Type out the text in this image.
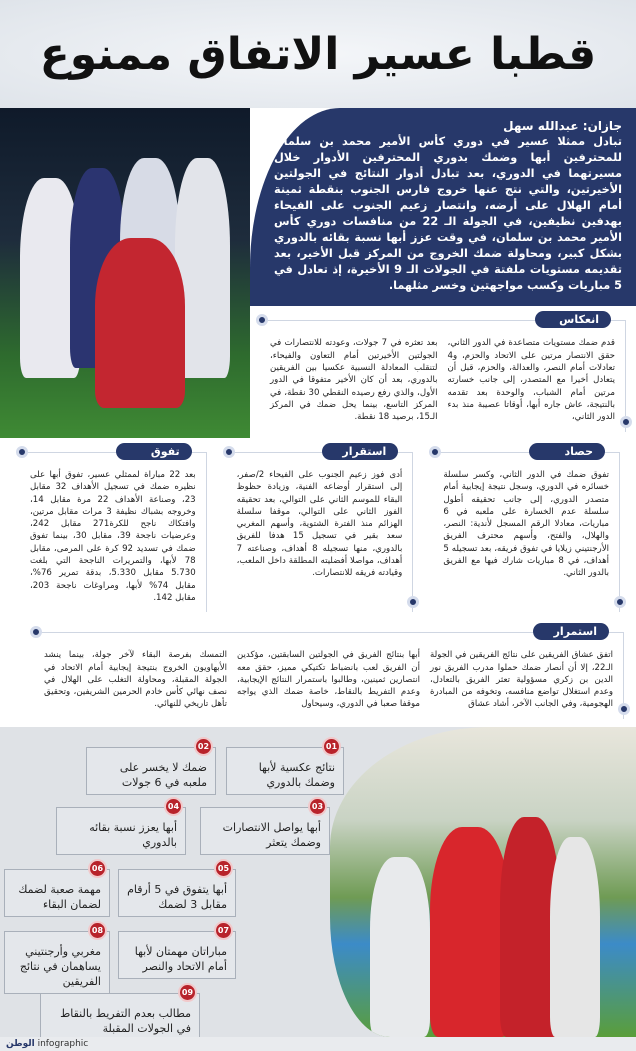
قطبا عسير الاتفاق ممنوع

جازان: عبدالله سهل
تبادل ممثلا عسير في دوري كأس الأمير محمد بن سلمان للمحترفين أبها وضمك بدوري المحترفين الأدوار خلال مسيرتهما في الدوري، بعد تبادل أدوار النتائج في الجولتين الأخيرتين، والتي نتج عنها خروج فارس الجنوب بنقطة ثمينة أمام الهلال على أرضه، وانتصار زعيم الجنوب على الفيحاء بهدفين نظيفين، في الجولة الـ 22 من منافسات دوري كأس الأمير محمد بن سلمان، في وقت عزز أبها نسبة بقائه بالدوري بشكل كبير، ومحاولة ضمك الخروج من المركز قبل الأخير، بعد تقديمه مستويات ملفتة في الجولات الـ 9 الأخيرة، إذ تعادل في 5 مباريات وكسب مواجهتين وخسر مثلهما.

انعكاس

قدم ضمك مستويات متصاعدة في الدور الثاني، حقق الانتصار مرتين على الاتحاد والحزم، و4 تعادلات أمام النصر، والعدالة، والحزم، قبل أن يتعادل أخيرا مع المتصدر، إلى جانب خسارته مرتين أمام الشباب، والوحدة بعد تقدمه بالنتيجة، عاش جاره أبها، أوقاتا عصيبة منذ بدء الدور الثاني،

بعد تعثره في 7 جولات، وعودته للانتصارات في الجولتين الأخيرتين أمام التعاون والفيحاء، لتنقلب المعادلة النسبية عكسيا بين الفريقين بالدوري، بعد أن كان الأخير متفوقا في الدور الأول، والذي رفع رصيده النقطي 30 نقطة، في المركز التاسع، بينما يحل ضمك في المركز الـ15، برصيد 18 نقطة.

حصاد

تفوق ضمك في الدور الثاني، وكسر سلسلة خسائره في الدوري، وسجل نتيجة إيجابية أمام متصدر الدوري، إلى جانب تحقيقه أطول سلسلة عدم الخسارة على ملعبه في 6 مباريات، معادلا الرقم المسجل لأندية: النصر، والهلال، والفتح، وأسهم محترف الفريق الأرجنتيني زيلايا في تفوق فريقه، بعد تسجيله 5 أهداف، في 8 مباريات شارك فيها مع الفريق بالدور الثاني.

استقرار

أدى فوز زعيم الجنوب على الفيحاء 2/صفر، إلى استقرار أوضاعه الفنية، وزيادة حظوظ البقاء للموسم الثاني على التوالي، بعد تحقيقه الفوز الثاني على التوالي، موقفا سلسلة الهزائم منذ الفترة الشتوية، وأسهم المغربي سعد بقير في تسجيل 15 هدفا للفريق بالدوري، منها تسجيله 8 أهداف، وصناعته 7 أهداف، مواصلا أفضليته المطلقة داخل الملعب، وقيادته فريقه للانتصارات.

تفوق

بعد 22 مباراة لممثلي عسير، تفوق أبها على نظيره ضمك في تسجيل الأهداف 32 مقابل 23، وصناعة الأهداف 22 مرة مقابل 14، وخروجه بشباك نظيفة 3 مرات مقابل مرتين، وافتكاك ناجح للكرة271 مقابل 242، وعرضيات ناجحة 39، مقابل 30، بينما تفوق ضمك في تسديد 92 كرة على المرمى، مقابل 78 لأبها، والتمريرات الناجحة التي بلغت 5.730 مقابل 5.330، بدقة تمرير 76%، مقابل 74% لأبها، ومراوغات ناجحة 203، مقابل 142.

استمرار

اتفق عشاق الفريقين على نتائج الفريقين في الجولة الـ22، إلا أن أنصار ضمك حملوا مدرب الفريق نور الدين بن زكري مسؤولية تعثر الفريق بالتعادل، وعدم استغلال تواضع منافسه، وتخوفه من المبادرة الهجومية، وفي الجانب الآخر، أشاد عشاق

أبها بنتائج الفريق في الجولتين السابقتين، مؤكدين أن الفريق لعب بانضباط تكتيكي مميز، حقق معه انتصارين ثمينين، وطالبوا باستمرار النتائج الإيجابية، وعدم التفريط بالنقاط، خاصة ضمك الذي يواجه موقفا صعبا في الدوري، وسيحاول

التمسك بفرصة البقاء لآخر جولة، بينما ينشد الأبهاويون الخروج بنتيجة إيجابية أمام الاتحاد في الجولة المقبلة، ومحاولة التغلب على الهلال في نصف نهائي كأس خادم الحرمين الشريفين، وتحقيق تأهل تاريخي للنهائي.

نتائج عكسية لأبها وضمك بالدوري
01
ضمك لا يخسر على ملعبه في 6 جولات
02
أبها يواصل الانتصارات وضمك يتعثر
03
أبها يعزز نسبة بقائه بالدوري
04
أبها يتفوق في 5 أرقام مقابل 3 لضمك
05
مهمة صعبة لضمك لضمان البقاء
06
مباراتان مهمتان لأبها أمام الاتحاد والنصر
07
مغربي وأرجنتيني يساهمان في نتائج الفريقين
08
مطالب بعدم التفريط بالنقاط في الجولات المقبلة
09
الوطن infographic
